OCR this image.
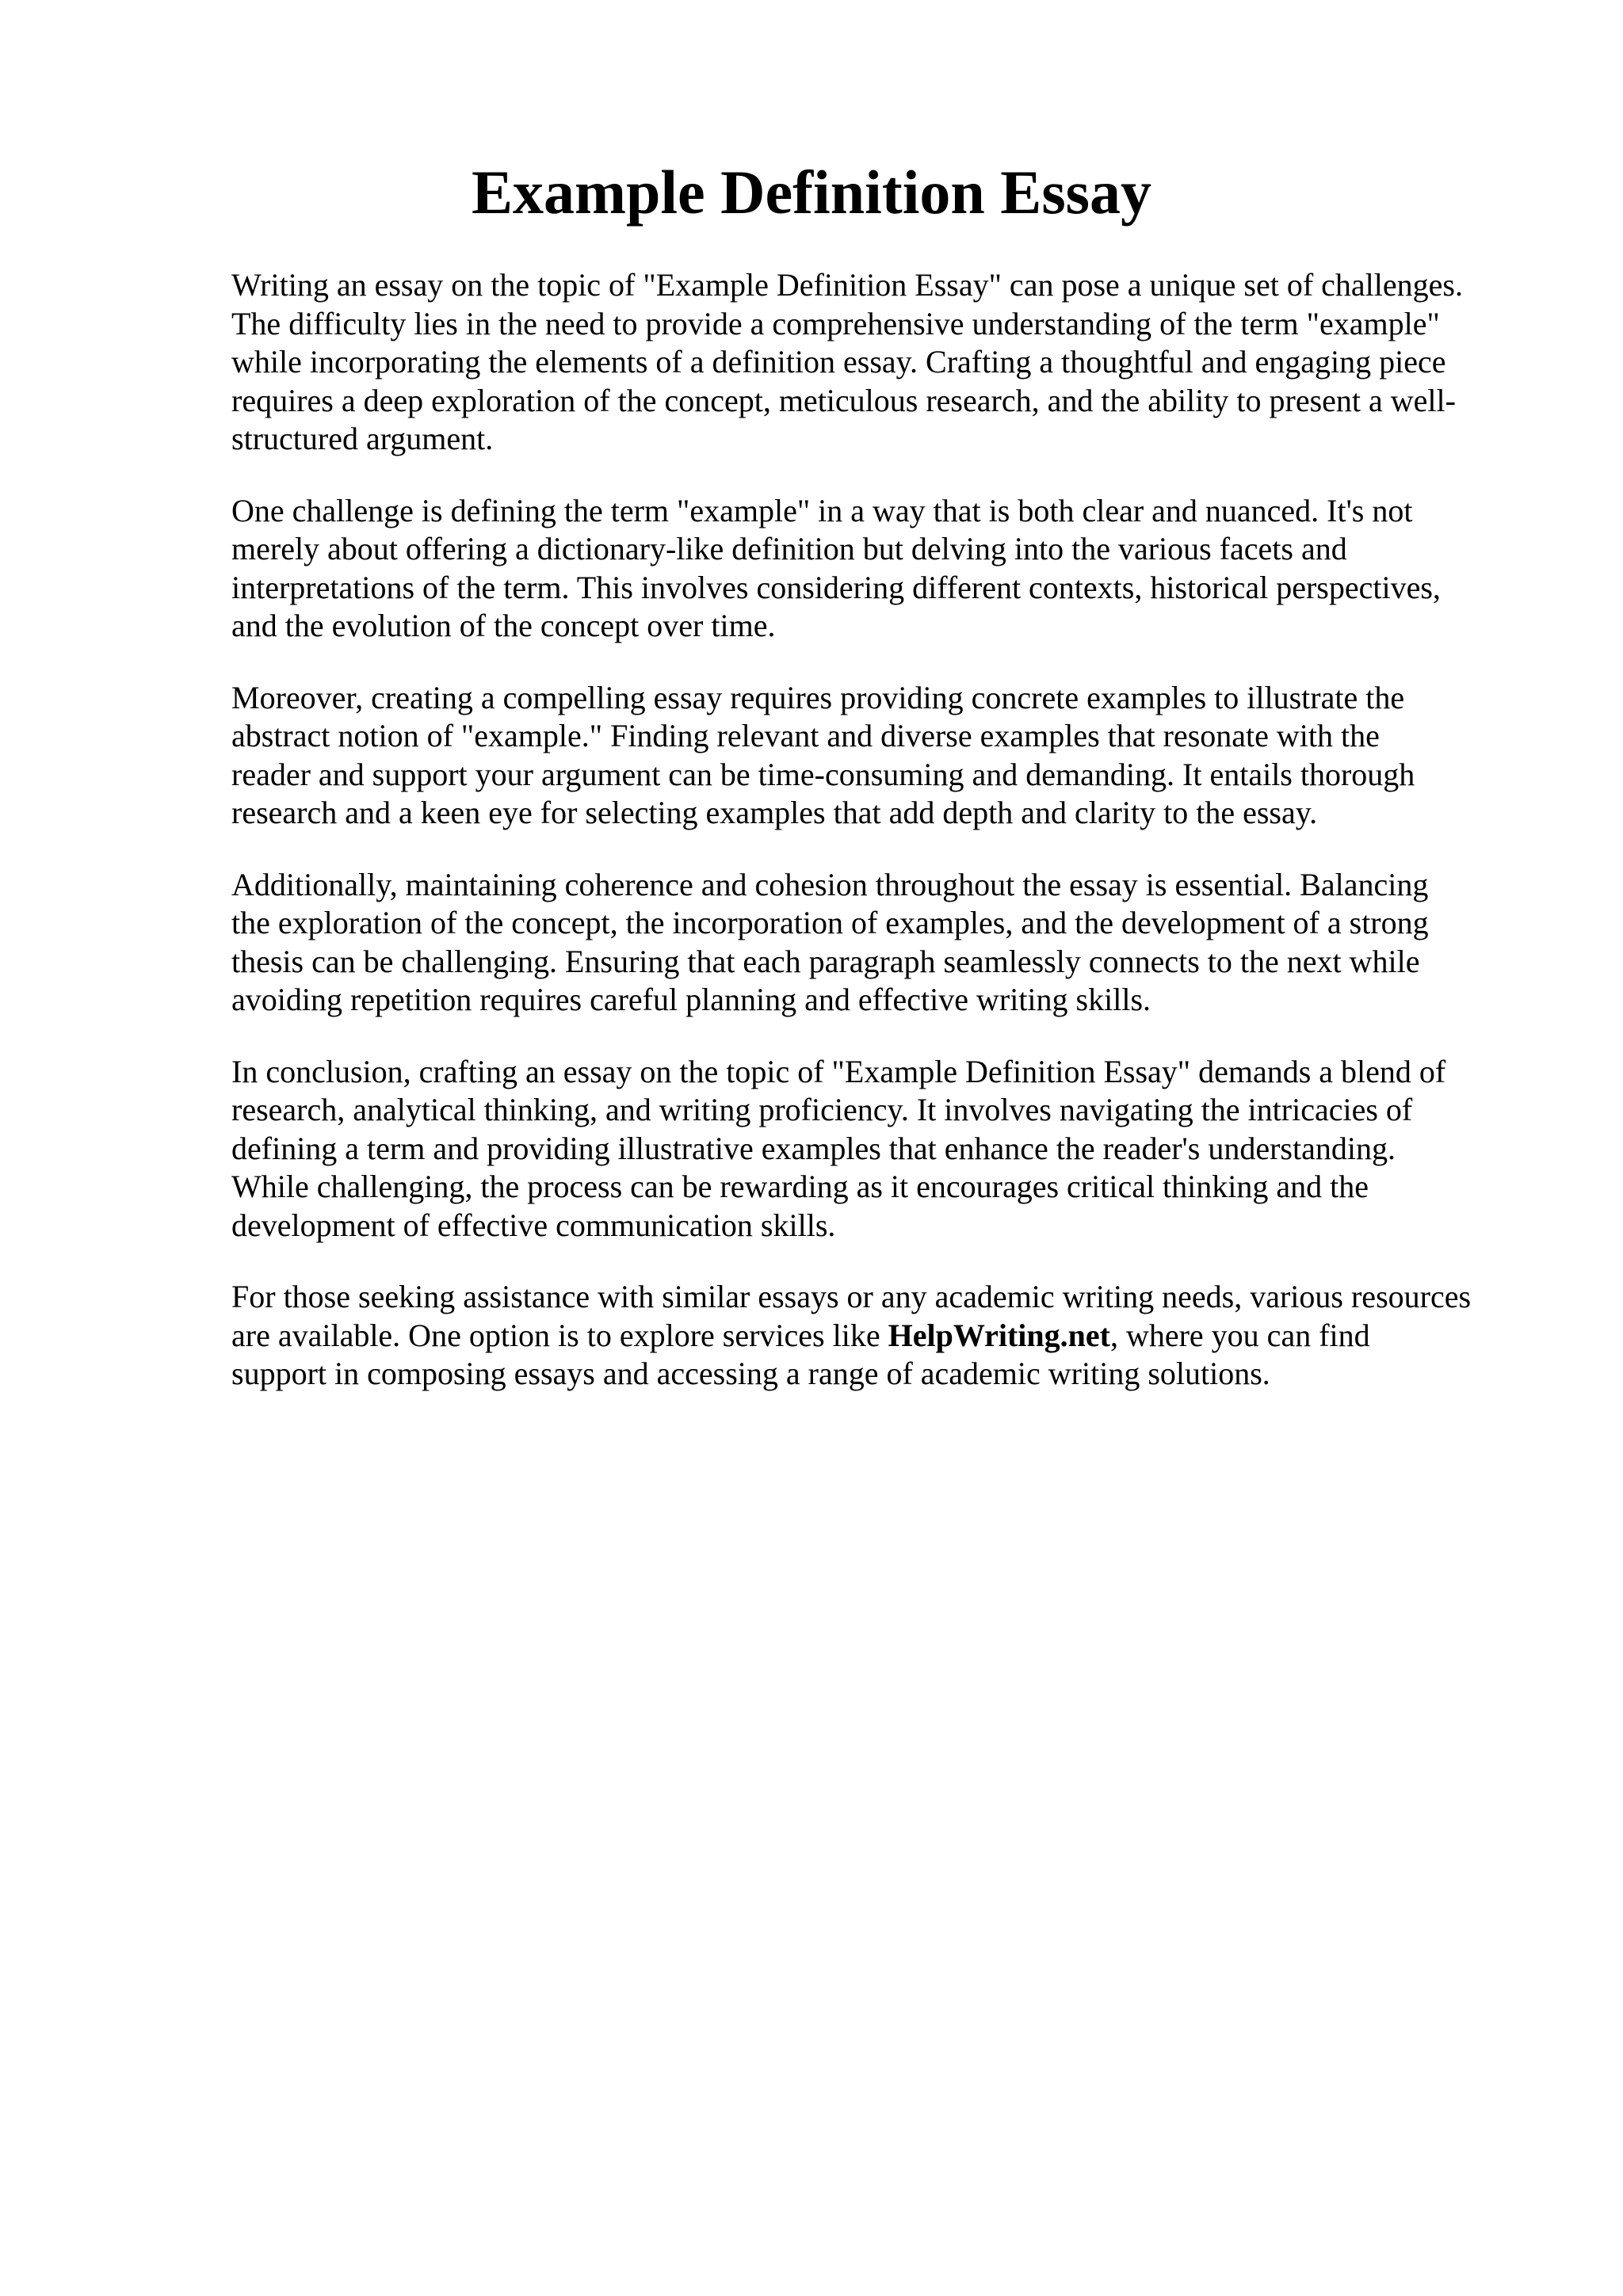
Example Definition Essay

Writing an essay on the topic of "Example Definition Essay" can pose a unique set of challenges.
The difficulty lies in the need to provide a comprehensive understanding of the term "example"
while incorporating the elements of a definition essay. Crafting a thoughtful and engaging piece
requires a deep exploration of the concept, meticulous research, and the ability to present a well-
structured argument.

One challenge is defining the term "example" in a way that is both clear and nuanced. It's not
merely about offering a dictionary-like definition but delving into the various facets and
interpretations of the term. This involves considering different contexts, historical perspectives,
and the evolution of the concept over time.

Moreover, creating a compelling essay requires providing concrete examples to illustrate the
abstract notion of "example." Finding relevant and diverse examples that resonate with the
reader and support your argument can be time-consuming and demanding. It entails thorough
research and a keen eye for selecting examples that add depth and clarity to the essay.

Additionally, maintaining coherence and cohesion throughout the essay is essential. Balancing
the exploration of the concept, the incorporation of examples, and the development of a strong
thesis can be challenging. Ensuring that each paragraph seamlessly connects to the next while
avoiding repetition requires careful planning and effective writing skills.

In conclusion, crafting an essay on the topic of "Example Definition Essay" demands a blend of
research, analytical thinking, and writing proficiency. It involves navigating the intricacies of
defining a term and providing illustrative examples that enhance the reader's understanding.
While challenging, the process can be rewarding as it encourages critical thinking and the
development of effective communication skills.

For those seeking assistance with similar essays or any academic writing needs, various resources
are available. One option is to explore services like HelpWriting.net, where you can find
support in composing essays and accessing a range of academic writing solutions.
